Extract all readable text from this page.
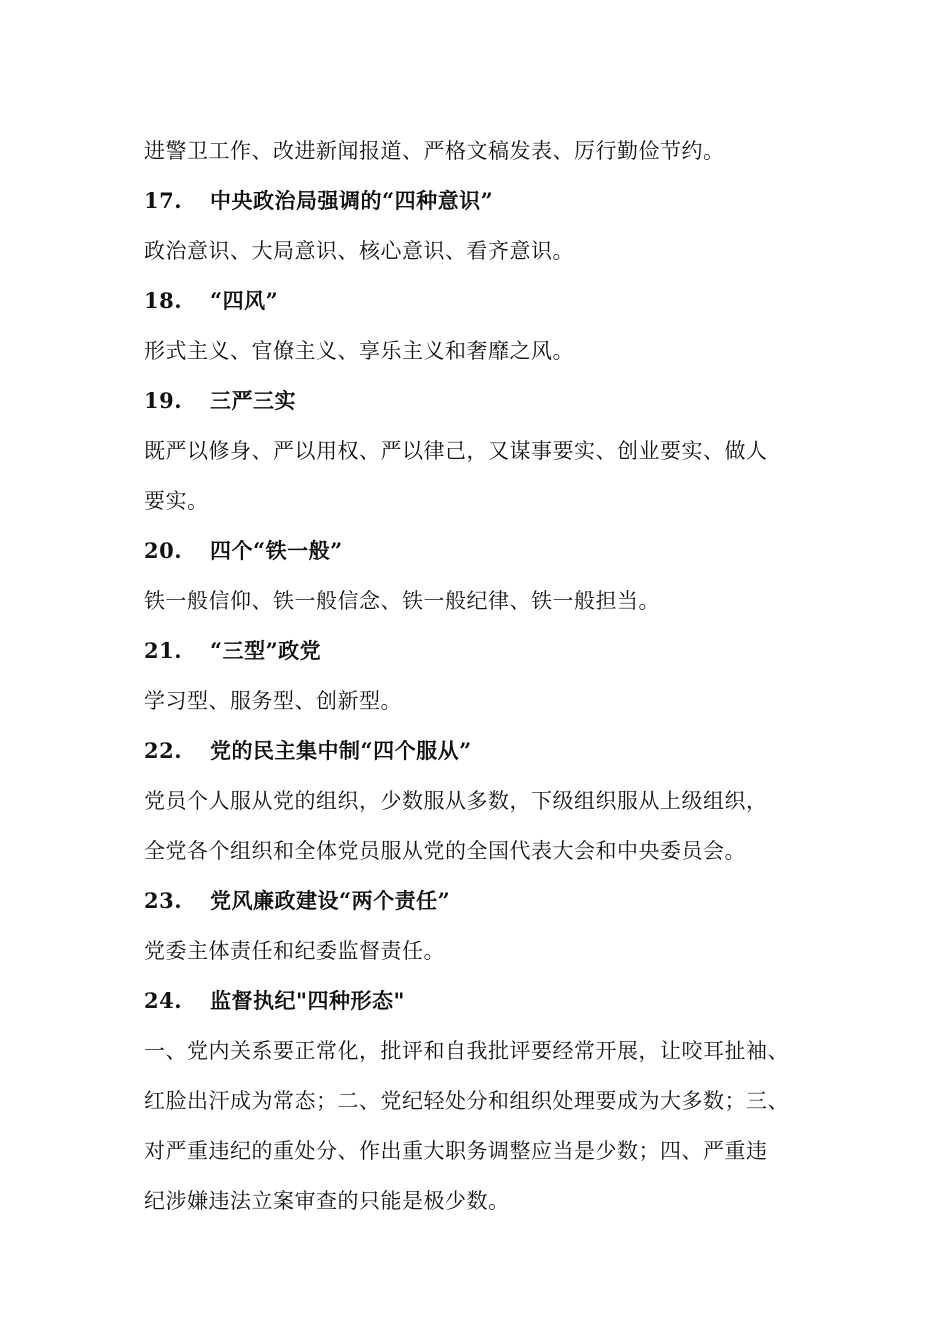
进警卫工作、改进新闻报道、严格文稿发表、厉行勤俭节约。
17.	中央政治局强调的“四种意识”
政治意识、大局意识、核心意识、看齐意识。
18.	“四风”
形式主义、官僚主义、享乐主义和奢靡之风。
19.	三严三实
既严以修身、严以用权、严以律己，又谋事要实、创业要实、做人
要实。
20.	四个“铁一般”
铁一般信仰、铁一般信念、铁一般纪律、铁一般担当。
21.	“三型”政党
学习型、服务型、创新型。
22.	党的民主集中制“四个服从”
党员个人服从党的组织，少数服从多数，下级组织服从上级组织，
全党各个组织和全体党员服从党的全国代表大会和中央委员会。
23.	党风廉政建设“两个责任”
党委主体责任和纪委监督责任。
24.	监督执纪"四种形态"
一、党内关系要正常化，批评和自我批评要经常开展，让咬耳扯袖、
红脸出汗成为常态；二、党纪轻处分和组织处理要成为大多数；三、
对严重违纪的重处分、作出重大职务调整应当是少数；四、严重违
纪涉嫌违法立案审查的只能是极少数。
